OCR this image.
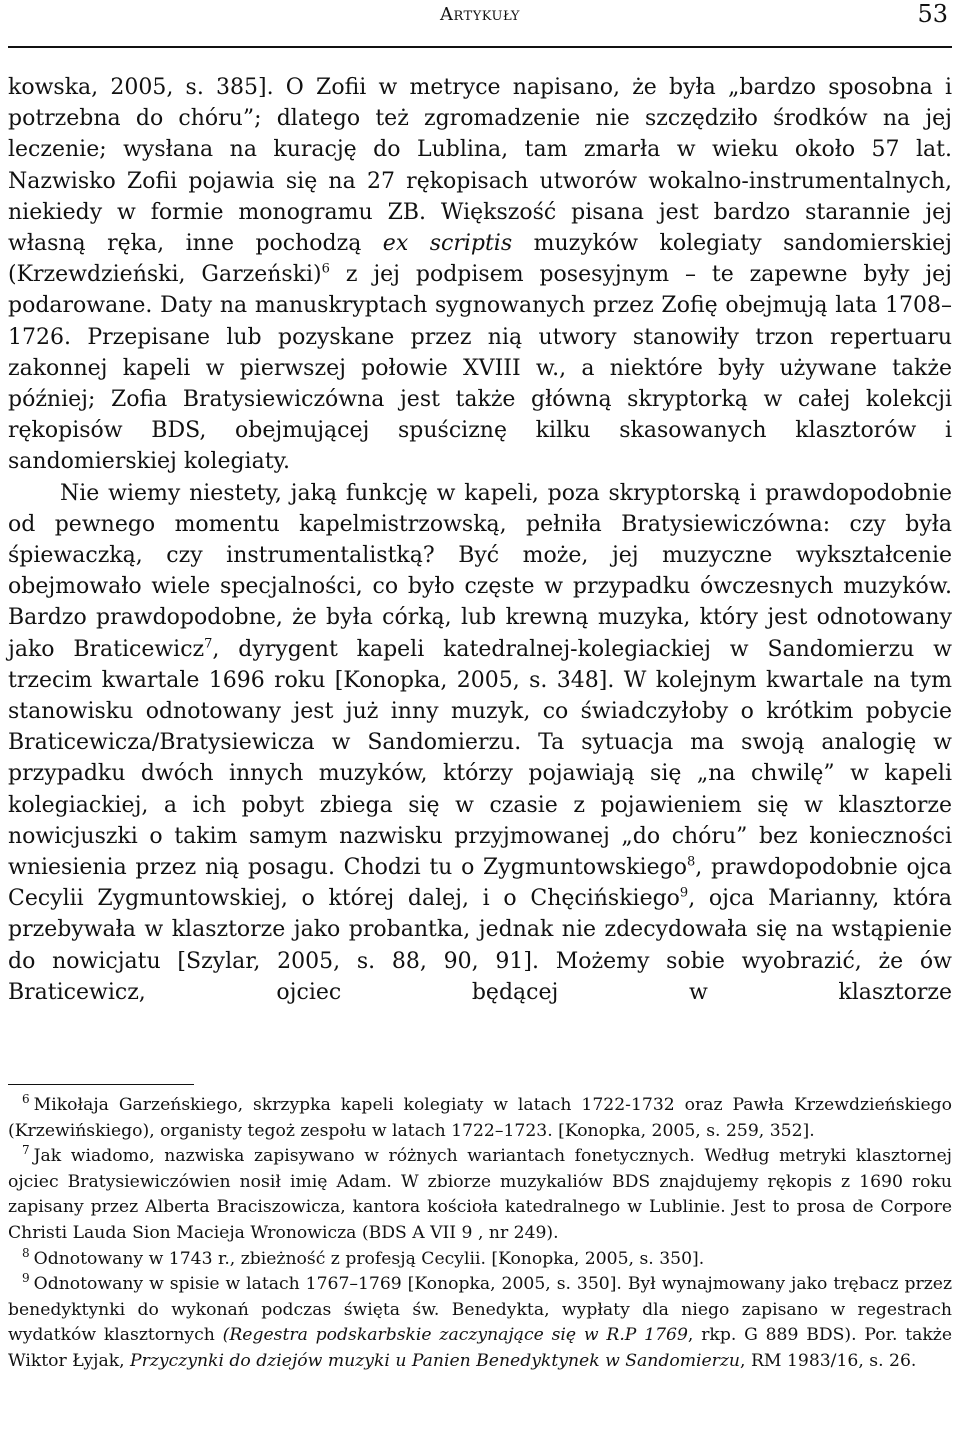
Artykuły	53

kowska, 2005, s. 385]. O Zofii w metryce napisano, że była „bardzo sposobna i potrzebna do chóru”; dlatego też zgromadzenie nie szczędziło środków na jej leczenie; wysłana na kurację do Lublina, tam zmarła w wieku około 57 lat. Nazwisko Zofii pojawia się na 27 rękopisach utworów wokalno-instrumentalnych, niekiedy w formie monogramu ZB. Większość pisana jest bardzo starannie jej własną ręka, inne pochodzą ex scriptis muzyków kolegiaty sandomierskiej (Krzewdzieński, Garzeński)$^6$ z jej podpisem posesyjnym – te zapewne były jej podarowane. Daty na manuskryptach sygnowanych przez Zofię obejmują lata 1708–1726. Przepisane lub pozyskane przez nią utwory stanowiły trzon repertuaru zakonnej kapeli w pierwszej połowie XVIII w., a niektóre były używane także później; Zofia Bratysiewiczówna jest także główną skryptorką w całej kolekcji rękopisów BDS, obejmującej spuściznę kilku skasowanych klasztorów i sandomierskiej kolegiaty.

Nie wiemy niestety, jaką funkcję w kapeli, poza skryptorską i prawdopodobnie od pewnego momentu kapelmistrzowską, pełniła Bratysiewiczówna: czy była śpiewaczką, czy instrumentalistką? Być może, jej muzyczne wykształcenie obejmowało wiele specjalności, co było częste w przypadku ówczesnych muzyków. Bardzo prawdopodobne, że była córką, lub krewną muzyka, który jest odnotowany jako Braticewicz$^7$, dyrygent kapeli katedralnej-kolegiackiej w Sandomierzu w trzecim kwartale 1696 roku [Konopka, 2005, s. 348]. W kolejnym kwartale na tym stanowisku odnotowany jest już inny muzyk, co świadczyłoby o krótkim pobycie Braticewicza/Bratysiewicza w Sandomierzu. Ta sytuacja ma swoją analogię w przypadku dwóch innych muzyków, którzy pojawiają się „na chwilę” w kapeli kolegiackiej, a ich pobyt zbiega się w czasie z pojawieniem się w klasztorze nowicjuszki o takim samym nazwisku przyjmowanej „do chóru” bez konieczności wniesienia przez nią posagu. Chodzi tu o Zygmuntowskiego$^8$, prawdopodobnie ojca Cecylii Zygmuntowskiej, o której dalej, i o Chęcińskiego$^9$, ojca Marianny, która przebywała w klasztorze jako probantka, jednak nie zdecydowała się na wstąpienie do nowicjatu [Szylar, 2005, s. 88, 90, 91]. Możemy sobie wyobrazić, że ów Braticewicz, ojciec będącej w klasztorze

$^6$ Mikołaja Garzeńskiego, skrzypka kapeli kolegiaty w latach 1722-1732 oraz Pawła Krzewdzieńskiego (Krzewińskiego), organisty tegoż zespołu w latach 1722–1723. [Konopka, 2005, s. 259, 352].

$^7$ Jak wiadomo, nazwiska zapisywano w różnych wariantach fonetycznych. Według metryki klasztornej ojciec Bratysiewiczówien nosił imię Adam. W zbiorze muzykaliów BDS znajdujemy rękopis z 1690 roku zapisany przez Alberta Braciszowicza, kantora kościoła katedralnego w Lublinie. Jest to prosa de Corpore Christi Lauda Sion Macieja Wronowicza (BDS A VII 9 , nr 249).

$^8$ Odnotowany w 1743 r., zbieżność z profesją Cecylii. [Konopka, 2005, s. 350].

$^9$ Odnotowany w spisie w latach 1767–1769 [Konopka, 2005, s. 350]. Był wynajmowany jako trębacz przez benedyktynki do wykonań podczas święta św. Benedykta, wypłaty dla niego zapisano w regestrach wydatków klasztornych (Regestra podskarbskie zaczynające się w R.P 1769, rkp. G 889 BDS). Por. także Wiktor Łyjak, Przyczynki do dziejów muzyki u Panien Benedyktynek w Sandomierzu, RM 1983/16, s. 26.
